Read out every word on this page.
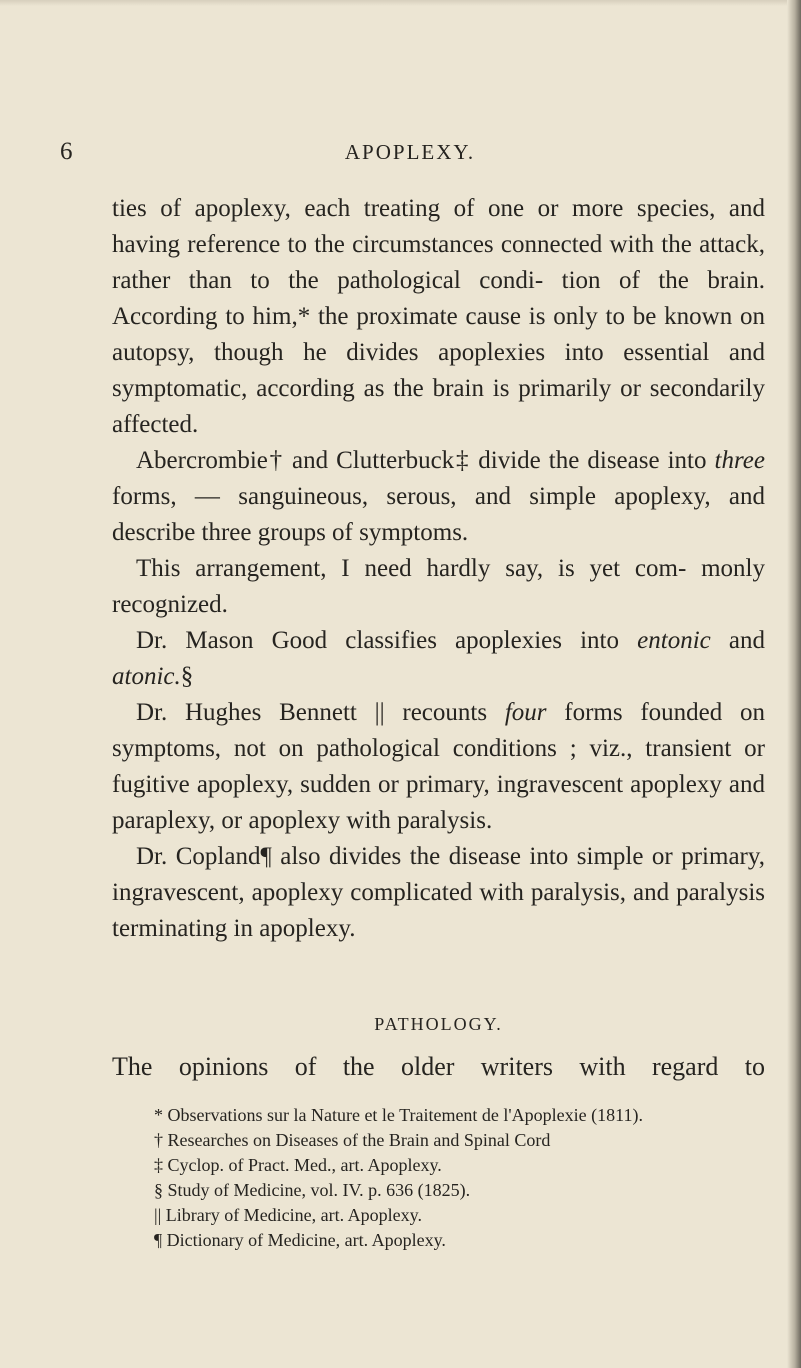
6	APOPLEXY.

ties of apoplexy, each treating of one or more species, and having reference to the circumstances connected with the attack, rather than to the pathological condi- tion of the brain. According to him,* the proximate cause is only to be known on autopsy, though he divides apoplexies into essential and symptomatic, according as the brain is primarily or secondarily affected.

Abercrombie† and Clutterbuck‡ divide the disease into three forms, — sanguineous, serous, and simple apoplexy, and describe three groups of symptoms.

This arrangement, I need hardly say, is yet com- monly recognized.

Dr. Mason Good classifies apoplexies into entonic and atonic.§

Dr. Hughes Bennett || recounts four forms founded on symptoms, not on pathological conditions ; viz., transient or fugitive apoplexy, sudden or primary, ingravescent apoplexy and paraplexy, or apoplexy with paralysis.

Dr. Copland¶ also divides the disease into simple or primary, ingravescent, apoplexy complicated with paralysis, and paralysis terminating in apoplexy.

PATHOLOGY.
The opinions of the older writers with regard to

* Observations sur la Nature et le Traitement de l'Apoplexie (1811).

† Researches on Diseases of the Brain and Spinal Cord

‡ Cyclop. of Pract. Med., art. Apoplexy.

§ Study of Medicine, vol. IV. p. 636 (1825).

|| Library of Medicine, art. Apoplexy.

¶ Dictionary of Medicine, art. Apoplexy.
